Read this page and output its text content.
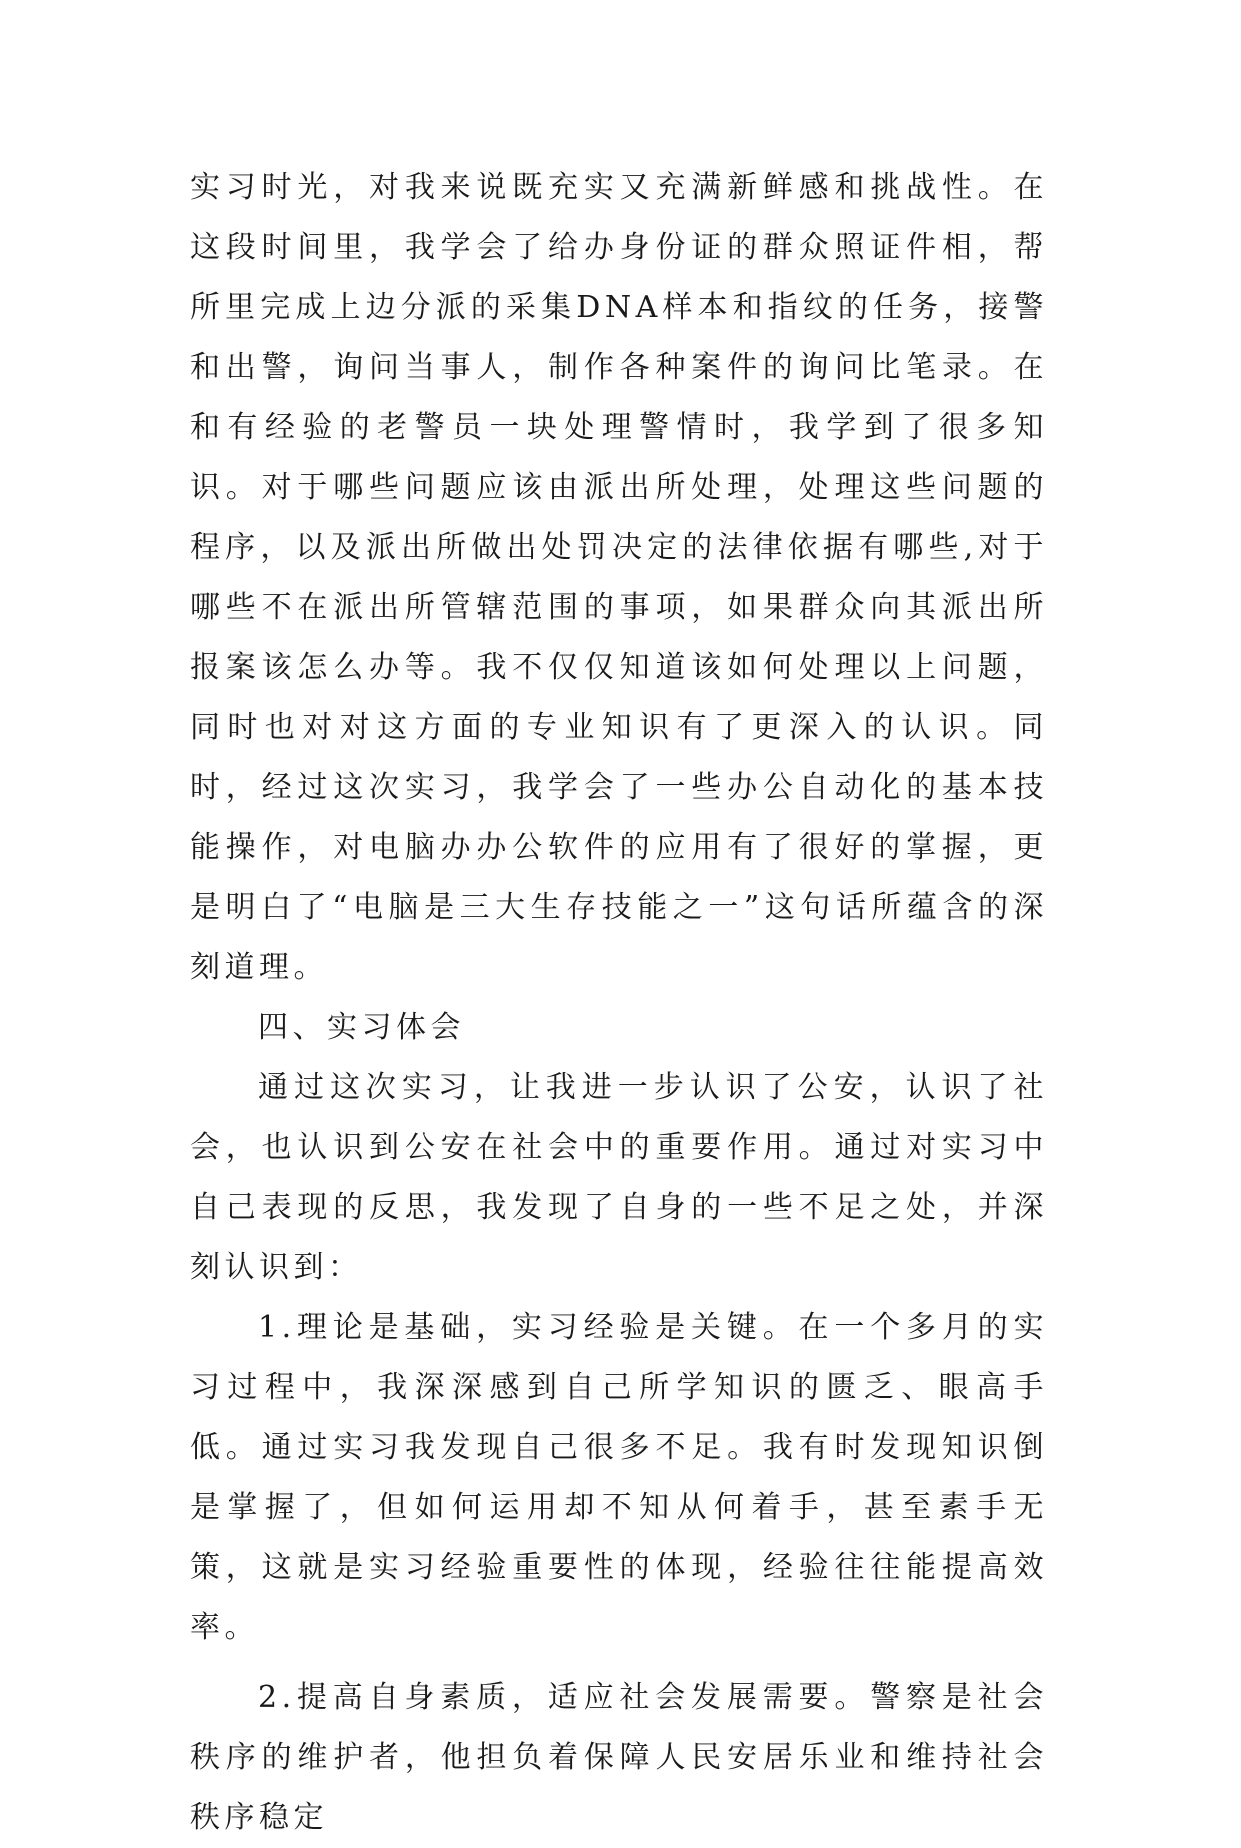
实习时光，对我来说既充实又充满新鲜感和挑战性。在这段时间里，我学会了给办身份证的群众照证件相，帮所里完成上边分派的采集DNA样本和指纹的任务，接警和出警，询问当事人，制作各种案件的询问比笔录。在和有经验的老警员一块处理警情时，我学到了很多知识。对于哪些问题应该由派出所处理，处理这些问题的程序，以及派出所做出处罚决定的法律依据有哪些,对于哪些不在派出所管辖范围的事项，如果群众向其派出所报案该怎么办等。我不仅仅知道该如何处理以上问题，同时也对对这方面的专业知识有了更深入的认识。同时，经过这次实习，我学会了一些办公自动化的基本技能操作，对电脑办办公软件的应用有了很好的掌握，更是明白了“电脑是三大生存技能之一”这句话所蕴含的深刻道理。

四、实习体会

通过这次实习，让我进一步认识了公安，认识了社会，也认识到公安在社会中的重要作用。通过对实习中自己表现的反思，我发现了自身的一些不足之处，并深刻认识到：

1.理论是基础，实习经验是关键。在一个多月的实习过程中，我深深感到自己所学知识的匮乏、眼高手低。通过实习我发现自己很多不足。我有时发现知识倒是掌握了，但如何运用却不知从何着手，甚至素手无策，这就是实习经验重要性的体现，经验往往能提高效率。

2.提高自身素质，适应社会发展需要。警察是社会秩序的维护者，他担负着保障人民安居乐业和维持社会秩序稳定
